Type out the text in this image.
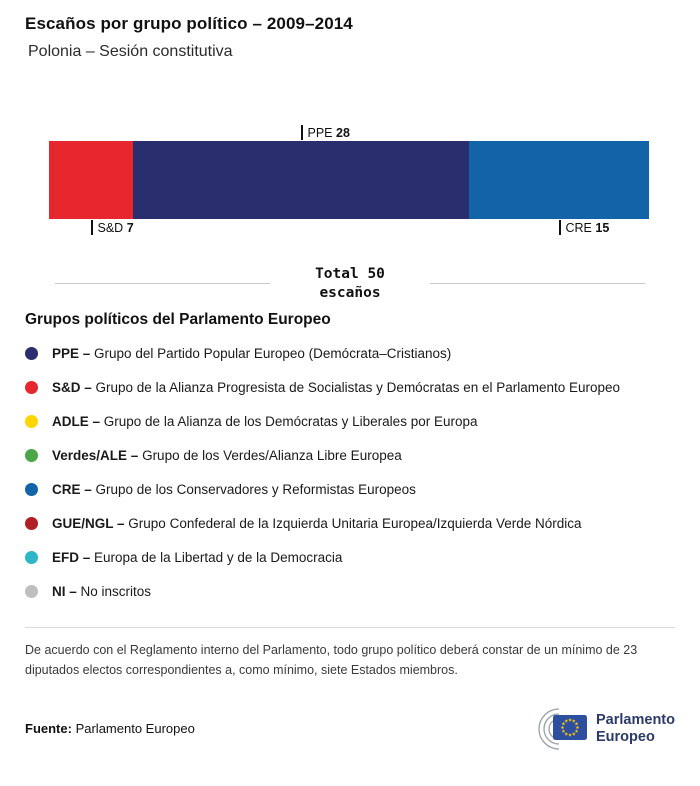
Escaños por grupo político – 2009–2014
Polonia – Sesión constitutiva
PPE 28
S&D 7	CRE 15
Total 50
escaños
Grupos políticos del Parlamento Europeo
PPE – Grupo del Partido Popular Europeo (Demócrata–Cristianos)
S&D – Grupo de la Alianza Progresista de Socialistas y Demócratas en el Parlamento Europeo
ADLE – Grupo de la Alianza de los Demócratas y Liberales por Europa
Verdes/ALE – Grupo de los Verdes/Alianza Libre Europea
CRE – Grupo de los Conservadores y Reformistas Europeos
GUE/NGL – Grupo Confederal de la Izquierda Unitaria Europea/Izquierda Verde Nórdica
EFD – Europa de la Libertad y de la Democracia
NI – No inscritos
De acuerdo con el Reglamento interno del Parlamento, todo grupo político deberá constar de un mínimo de 23 diputados electos correspondientes a, como mínimo, siete Estados miembros.
Fuente: Parlamento Europeo
Parlamento
Europeo
